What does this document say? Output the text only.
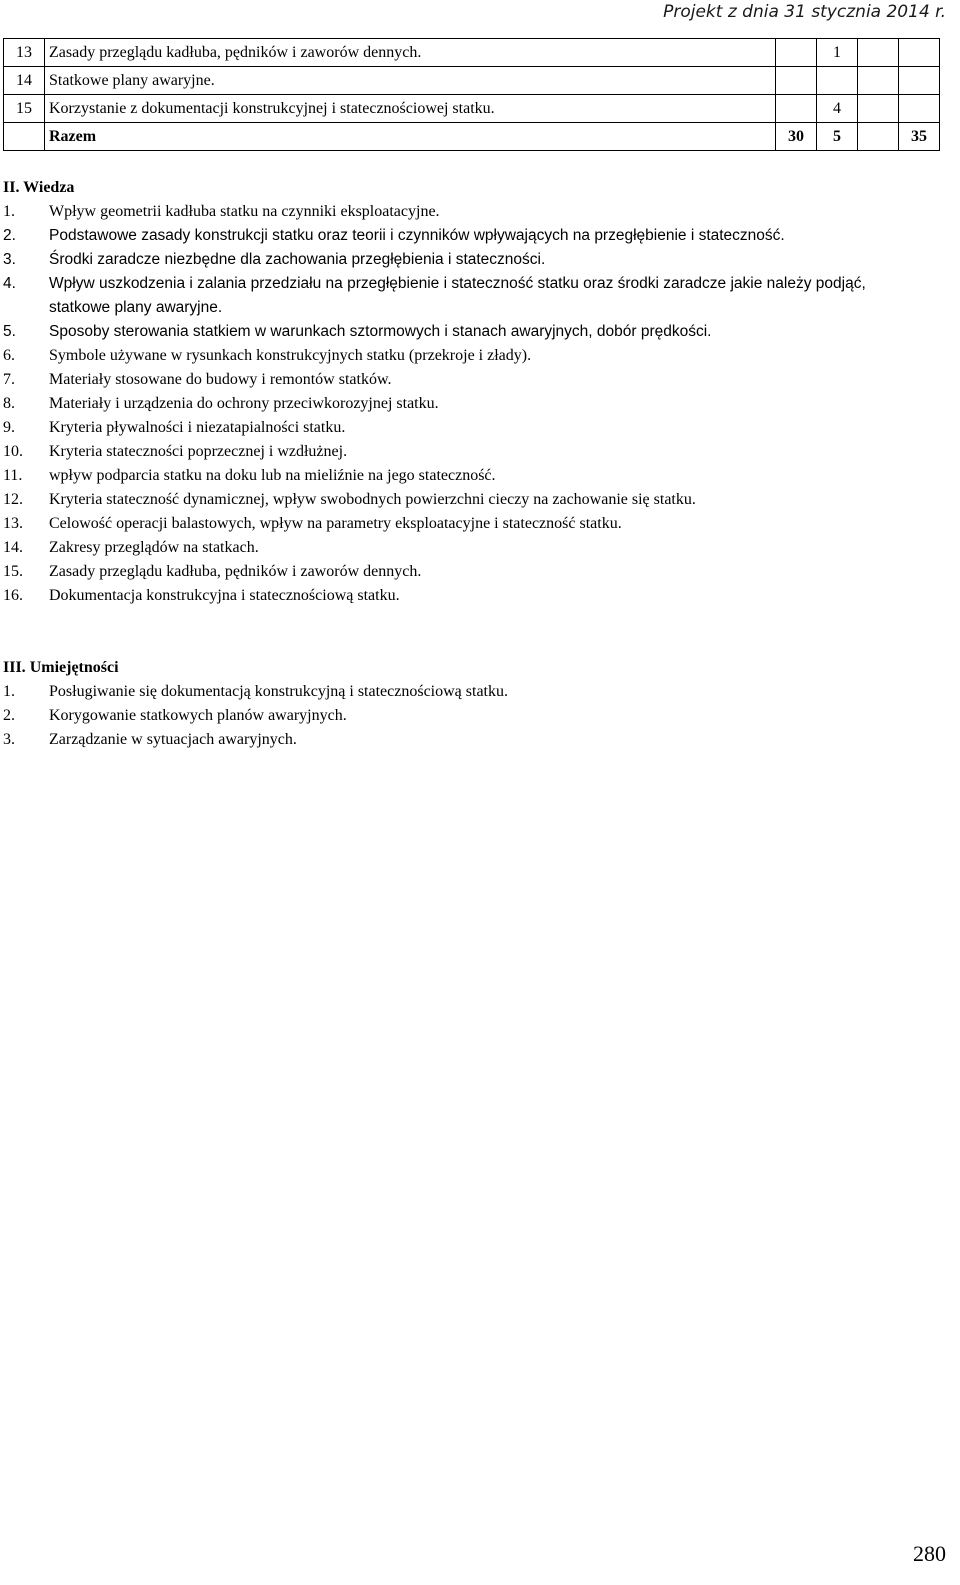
Projekt z dnia 31 stycznia 2014 r.
13	Zasady przeglądu kadłuba, pędników i zaworów dennych.		1		
14	Statkowe plany awaryjne.				
15	Korzystanie z dokumentacji konstrukcyjnej i statecznościowej statku.		4		
	Razem	30	5		35
II. Wiedza
1.	Wpływ geometrii kadłuba statku na czynniki eksploatacyjne.
2.	Podstawowe zasady konstrukcji statku oraz teorii i czynników wpływających na przegłębienie i stateczność.
3.	Środki zaradcze niezbędne dla zachowania przegłębienia i stateczności.
4.	Wpływ uszkodzenia i zalania przedziału na przegłębienie i stateczność statku oraz środki zaradcze jakie należy podjąć, statkowe plany awaryjne.
5.	Sposoby sterowania statkiem w warunkach sztormowych i stanach awaryjnych, dobór prędkości.
6.	Symbole używane w rysunkach konstrukcyjnych statku (przekroje i złady).
7.	Materiały stosowane do budowy i remontów statków.
8.	Materiały i urządzenia do ochrony przeciwkorozyjnej statku.
9.	Kryteria pływalności i niezatapialności statku.
10.	Kryteria stateczności poprzecznej i wzdłużnej.
11.	wpływ podparcia statku na doku lub na mieliźnie na jego stateczność.
12.	Kryteria stateczność dynamicznej, wpływ swobodnych powierzchni cieczy na zachowanie się statku.
13.	Celowość operacji balastowych, wpływ na parametry eksploatacyjne i stateczność statku.
14.	Zakresy przeglądów na statkach.
15.	Zasady przeglądu kadłuba, pędników i zaworów dennych.
16.	Dokumentacja konstrukcyjna i statecznościową statku.
III. Umiejętności
1.	Posługiwanie się dokumentacją konstrukcyjną i statecznościową statku.
2.	Korygowanie statkowych planów awaryjnych.
3.	Zarządzanie w sytuacjach awaryjnych.
280
